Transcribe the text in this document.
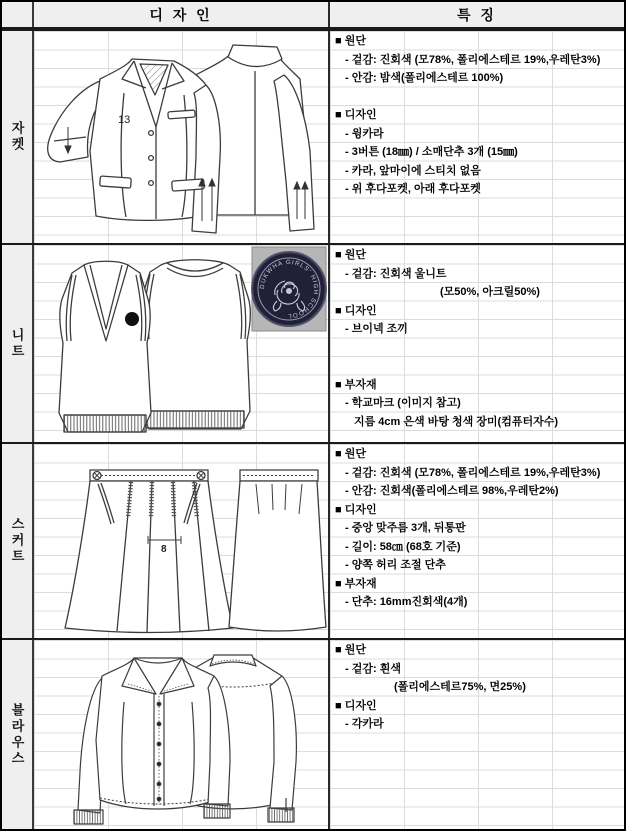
디 자 인	특 징
자켓
13
■ 원단
- 겉감: 진회색 (모78%, 폴리에스테르 19%,우레탄3%)
- 안감: 밤색(폴리에스테르 100%)
■ 디자인
- 윙카라
- 3버튼 (18㎜) / 소매단추 3개 (15㎜)
- 카라, 앞마이에 스티치 없음
- 위 후다포켓, 아래 후다포켓
니트
DUKWHA GIRLS' HIGH SCHOOL
■ 원단
- 겉감: 진회색 울니트
(모50%, 아크릴50%)
■ 디자인
- 브이넥 조끼
■ 부자재
- 학교마크 (이미지 참고)
지름 4cm 은색 바탕 청색 장미(컴퓨터자수)
스커트	8
■ 원단
- 겉감: 진회색 (모78%, 폴리에스테르 19%,우레탄3%)
- 안감: 진회색(폴리에스테르 98%,우레탄2%)
■ 디자인
- 중앙 맞주름 3개, 뒤통판
- 길이: 58㎝ (68호 기준)
- 양쪽 허리 조절 단추
■ 부자재
- 단추: 16mm진회색(4개)
블라우스
■ 원단
- 겉감: 흰색
(폴리에스테르75%, 면25%)
■ 디자인
- 각카라
